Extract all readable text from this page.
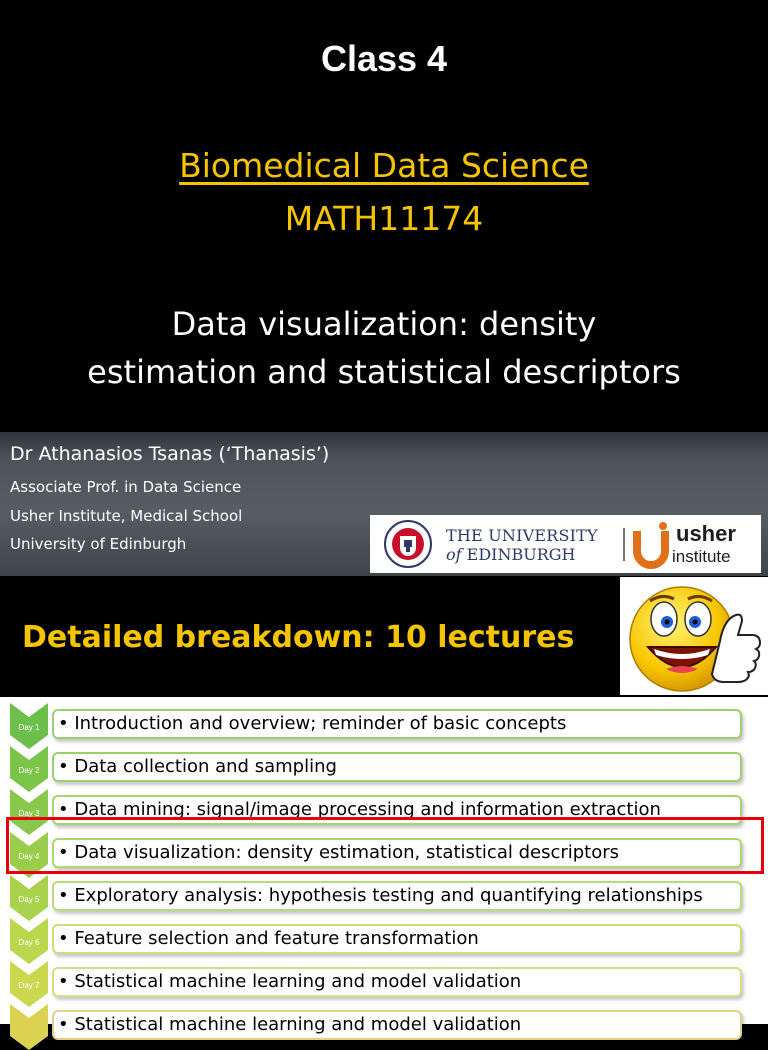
Class 4
Biomedical Data Science
MATH11174
Data visualization: density
estimation and statistical descriptors
Dr Athanasios Tsanas (‘Thanasis’)
Associate Prof. in Data Science
Usher Institute, Medical School
University of Edinburgh	THE UNIVERSITY
of EDINBURGH
usher
institute
Detailed breakdown: 10 lectures
Day 1	• Introduction and overview; reminder of basic concepts
Day 2	• Data collection and sampling
Day 3	• Data mining: signal/image processing and information extraction
Day 4	• Data visualization: density estimation, statistical descriptors
Day 5	• Exploratory analysis: hypothesis testing and quantifying relationships
Day 6	• Feature selection and feature transformation
Day 7	• Statistical machine learning and model validation
• Statistical machine learning and model validation
